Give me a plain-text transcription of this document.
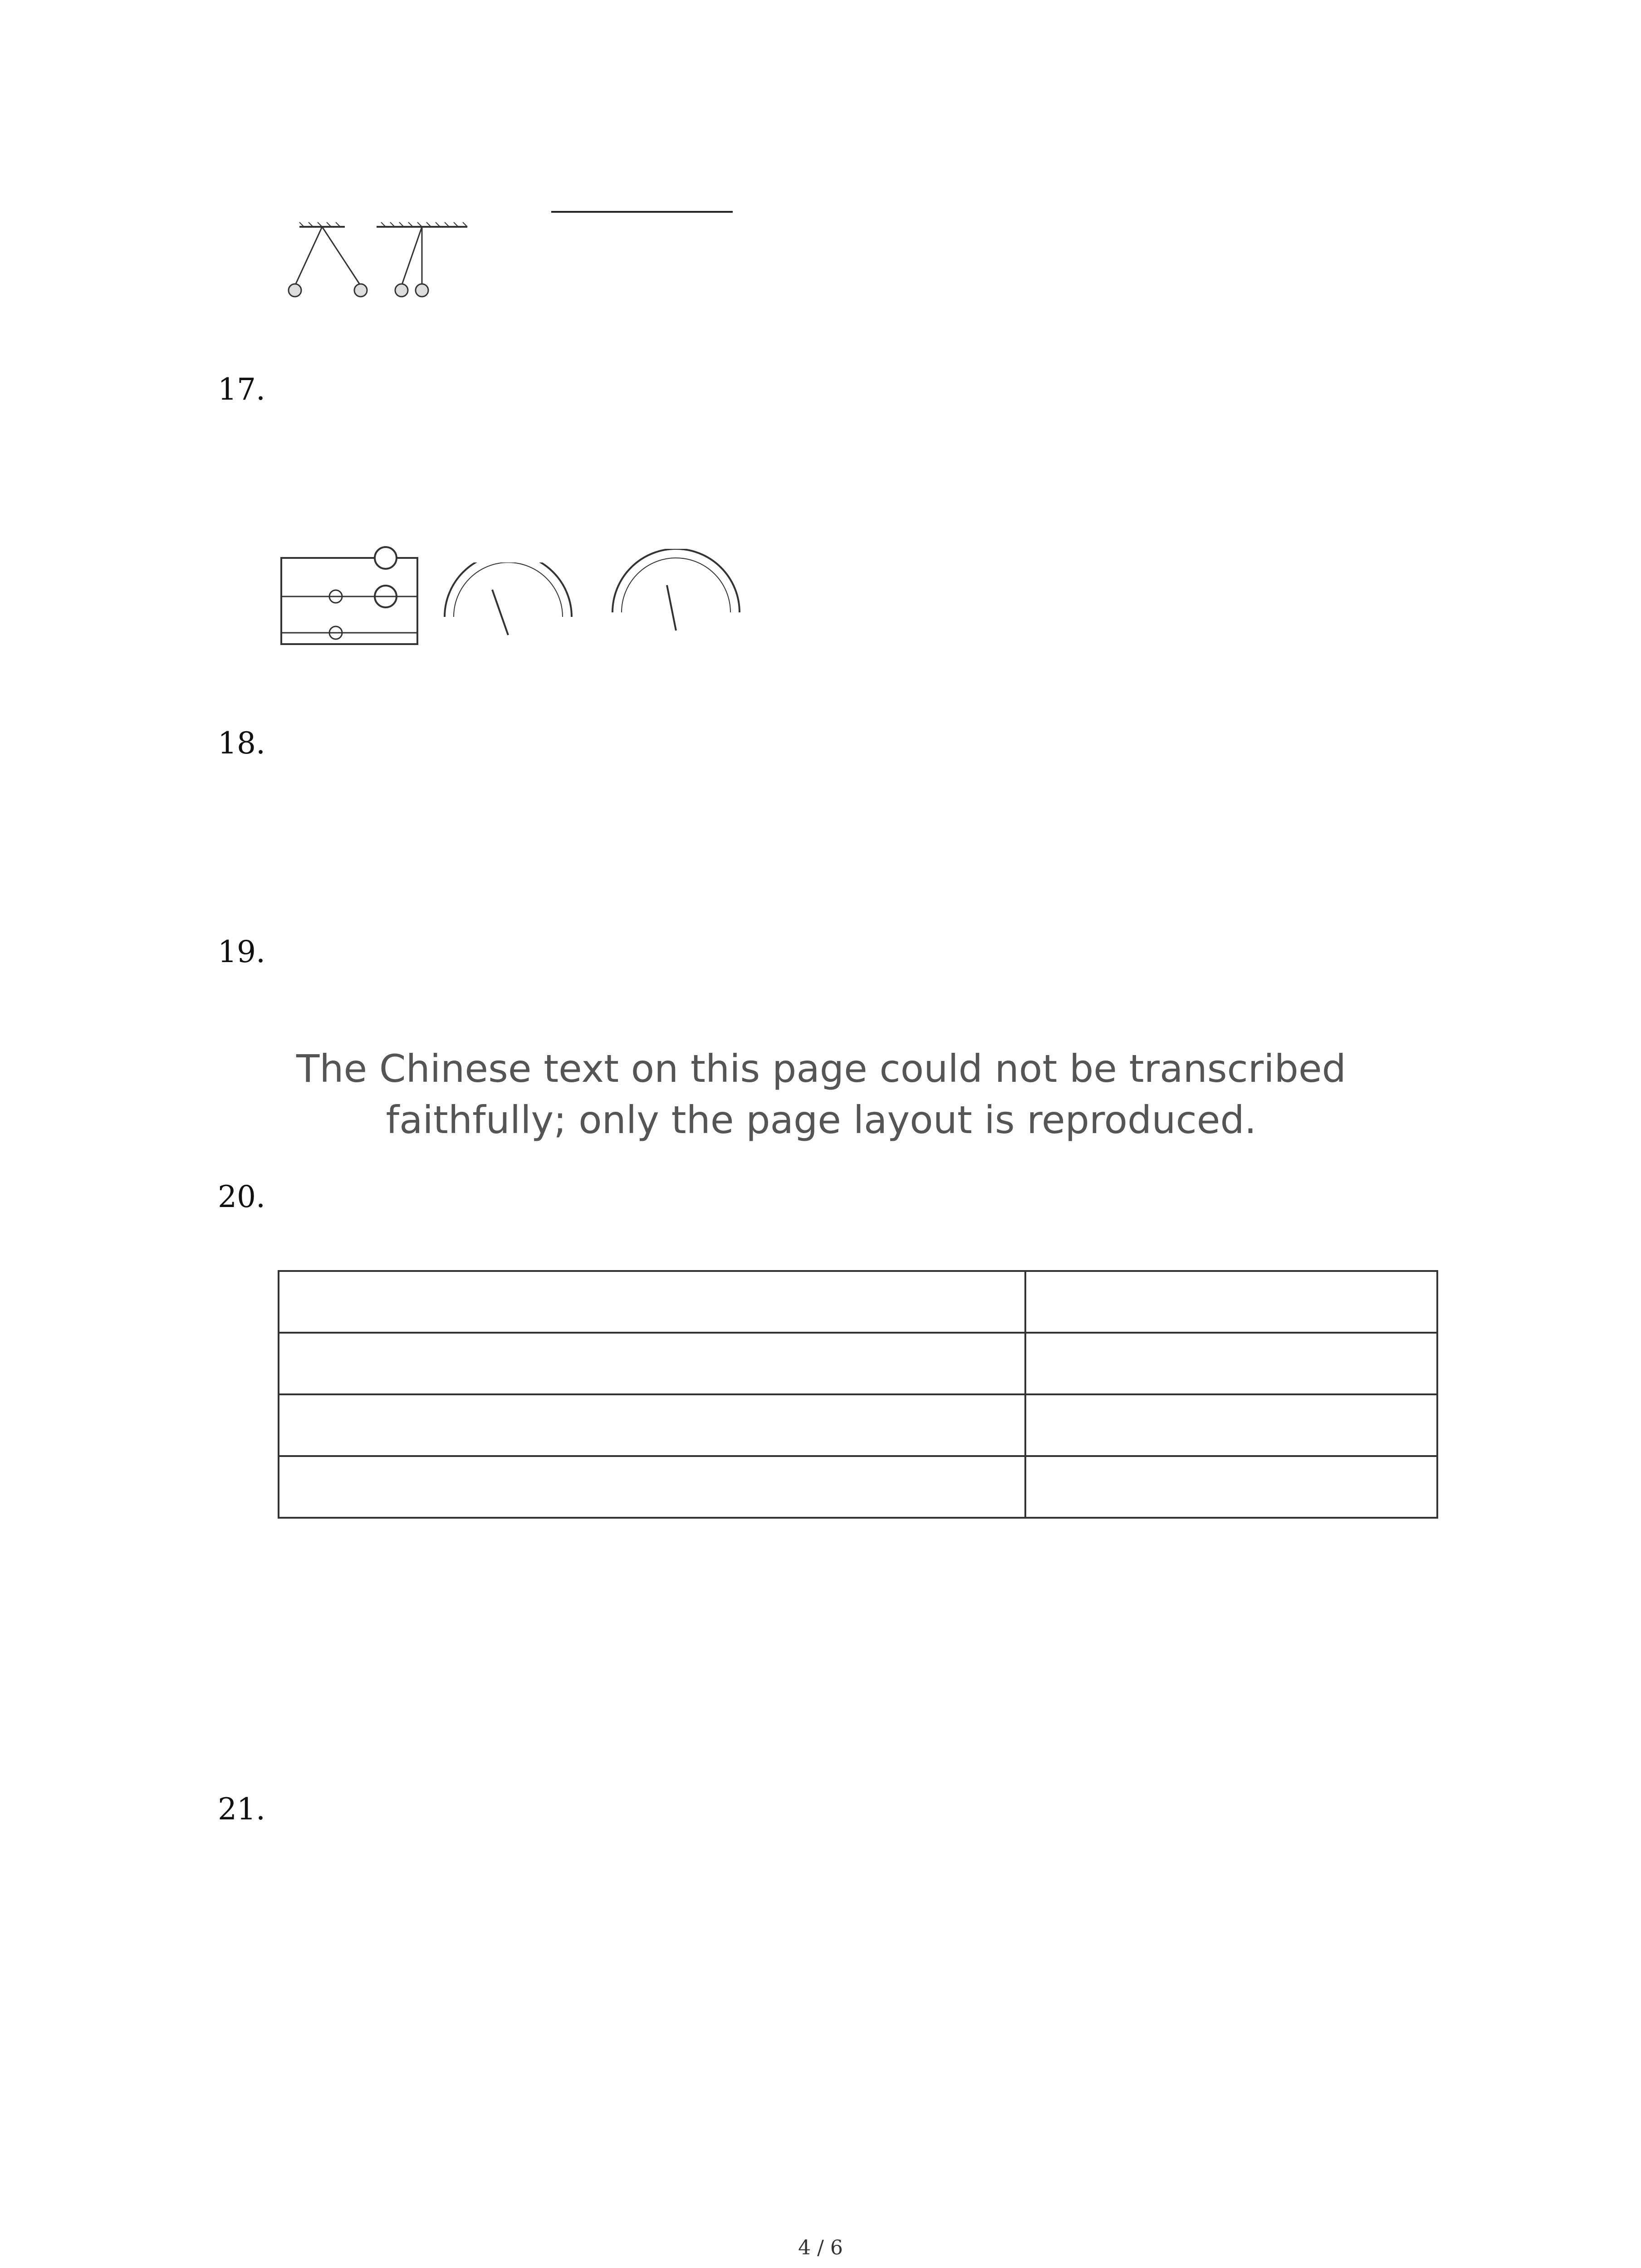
17.
18.
19.
20.
21.
The Chinese text on this page could not be transcribed faithfully; only the page layout is reproduced.

4 / 6
